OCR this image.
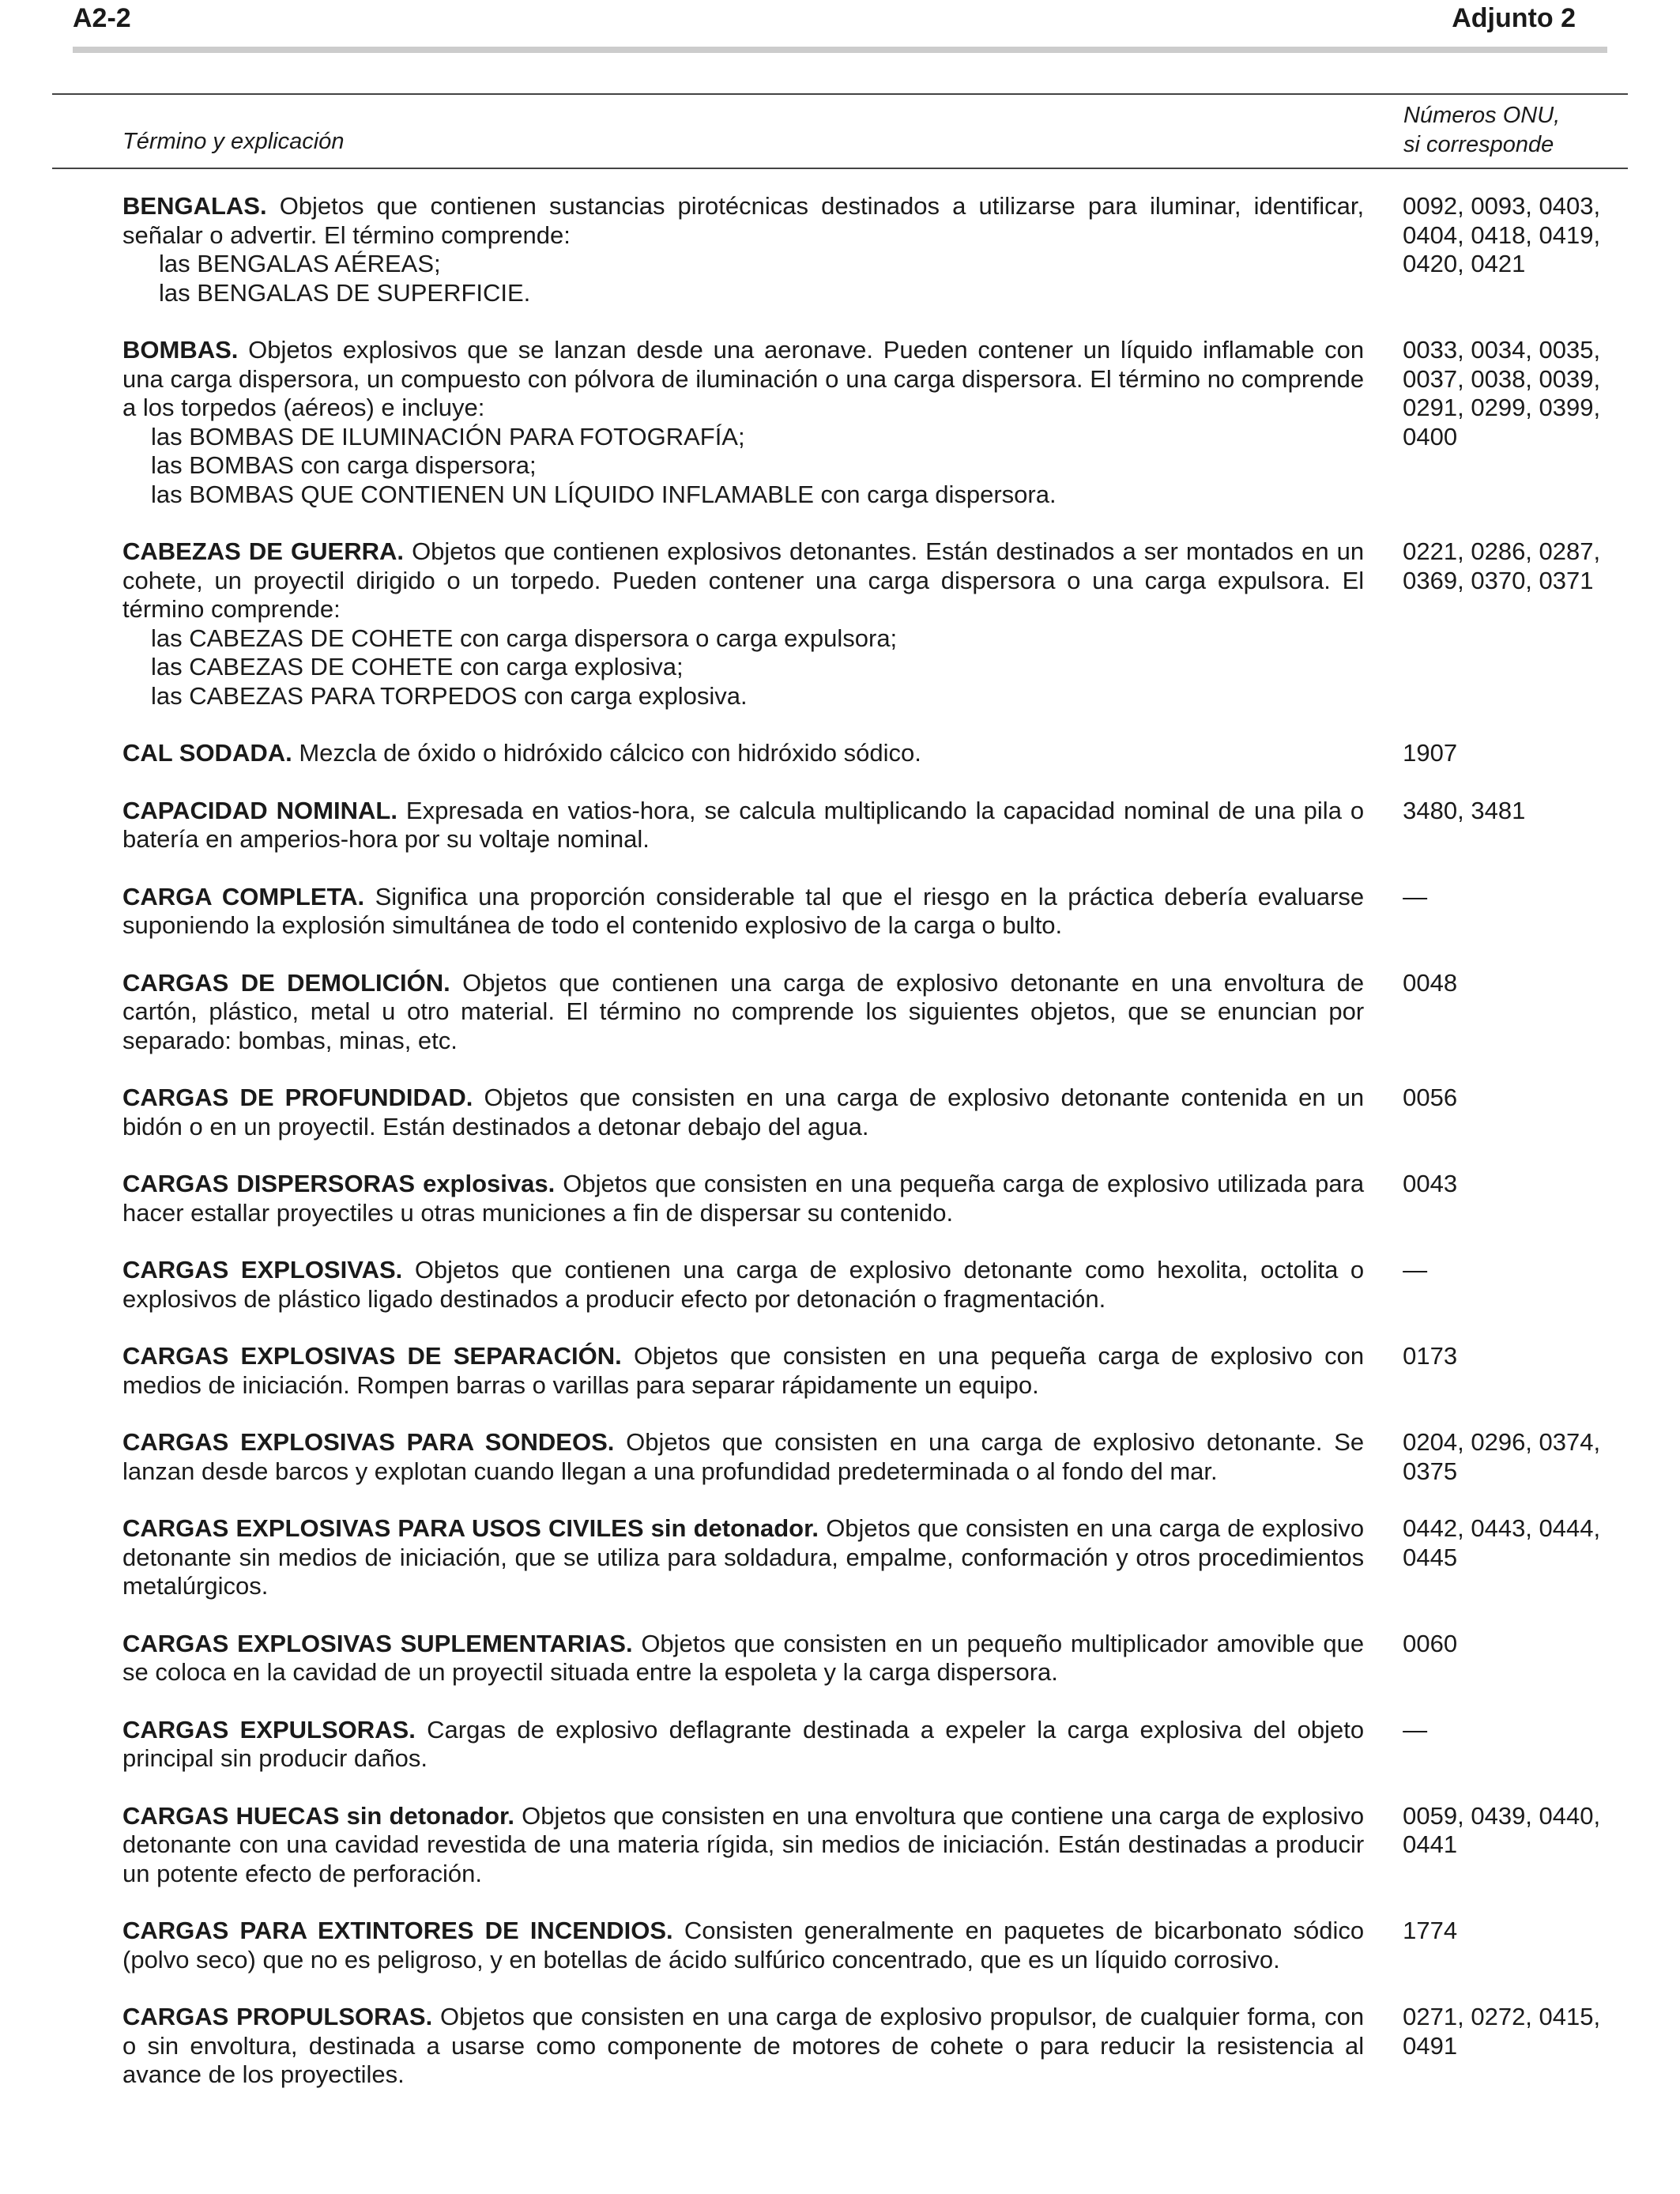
A2-2	Adjunto 2
Término y explicación
Números ONU,
si corresponde
BENGALAS. Objetos que contienen sustancias pirotécnicas destinados a utilizarse para iluminar, identificar, señalar o advertir. El término comprende:
las BENGALAS AÉREAS;
las BENGALAS DE SUPERFICIE.
0092, 0093, 0403, 0404, 0418, 0419, 0420, 0421
BOMBAS. Objetos explosivos que se lanzan desde una aeronave. Pueden contener un líquido inflamable con una carga dispersora, un compuesto con pólvora de iluminación o una carga dispersora. El término no comprende a los torpedos (aéreos) e incluye:
las BOMBAS DE ILUMINACIÓN PARA FOTOGRAFÍA;
las BOMBAS con carga dispersora;
las BOMBAS QUE CONTIENEN UN LÍQUIDO INFLAMABLE con carga dispersora.
0033, 0034, 0035, 0037, 0038, 0039, 0291, 0299, 0399, 0400
CABEZAS DE GUERRA. Objetos que contienen explosivos detonantes. Están destinados a ser montados en un cohete, un proyectil dirigido o un torpedo. Pueden contener una carga dispersora o una carga expulsora. El término comprende:
las CABEZAS DE COHETE con carga dispersora o carga expulsora;
las CABEZAS DE COHETE con carga explosiva;
las CABEZAS PARA TORPEDOS con carga explosiva.
0221, 0286, 0287, 0369, 0370, 0371
CAL SODADA. Mezcla de óxido o hidróxido cálcico con hidróxido sódico.	1907
CAPACIDAD NOMINAL. Expresada en vatios-hora, se calcula multiplicando la capacidad nominal de una pila o batería en amperios-hora por su voltaje nominal.
3480, 3481
CARGA COMPLETA. Significa una proporción considerable tal que el riesgo en la práctica debería evaluarse suponiendo la explosión simultánea de todo el contenido explosivo de la carga o bulto.
—
CARGAS DE DEMOLICIÓN. Objetos que contienen una carga de explosivo detonante en una envoltura de cartón, plástico, metal u otro material. El término no comprende los siguientes objetos, que se enuncian por separado: bombas, minas, etc.
0048
CARGAS DE PROFUNDIDAD. Objetos que consisten en una carga de explosivo detonante contenida en un bidón o en un proyectil. Están destinados a detonar debajo del agua.
0056
CARGAS DISPERSORAS explosivas. Objetos que consisten en una pequeña carga de explosivo utilizada para hacer estallar proyectiles u otras municiones a fin de dispersar su contenido.
0043
CARGAS EXPLOSIVAS. Objetos que contienen una carga de explosivo detonante como hexolita, octolita o explosivos de plástico ligado destinados a producir efecto por detonación o fragmentación.
—
CARGAS EXPLOSIVAS DE SEPARACIÓN. Objetos que consisten en una pequeña carga de explosivo con medios de iniciación. Rompen barras o varillas para separar rápidamente un equipo.
0173
CARGAS EXPLOSIVAS PARA SONDEOS. Objetos que consisten en una carga de explosivo detonante. Se lanzan desde barcos y explotan cuando llegan a una profundidad predeterminada o al fondo del mar.
0204, 0296, 0374, 0375
CARGAS EXPLOSIVAS PARA USOS CIVILES sin detonador. Objetos que consisten en una carga de explosivo detonante sin medios de iniciación, que se utiliza para soldadura, empalme, conformación y otros procedimientos metalúrgicos.
0442, 0443, 0444, 0445
CARGAS EXPLOSIVAS SUPLEMENTARIAS. Objetos que consisten en un pequeño multiplicador amovible que se coloca en la cavidad de un proyectil situada entre la espoleta y la carga dispersora.
0060
CARGAS EXPULSORAS. Cargas de explosivo deflagrante destinada a expeler la carga explosiva del objeto principal sin producir daños.
—
CARGAS HUECAS sin detonador. Objetos que consisten en una envoltura que contiene una carga de explosivo detonante con una cavidad revestida de una materia rígida, sin medios de iniciación. Están destinadas a producir un potente efecto de perforación.
0059, 0439, 0440, 0441
CARGAS PARA EXTINTORES DE INCENDIOS. Consisten generalmente en paquetes de bicarbonato sódico (polvo seco) que no es peligroso, y en botellas de ácido sulfúrico concentrado, que es un líquido corrosivo.
1774
CARGAS PROPULSORAS. Objetos que consisten en una carga de explosivo propulsor, de cualquier forma, con o sin envoltura, destinada a usarse como componente de motores de cohete o para reducir la resistencia al avance de los proyectiles.
0271, 0272, 0415, 0491
